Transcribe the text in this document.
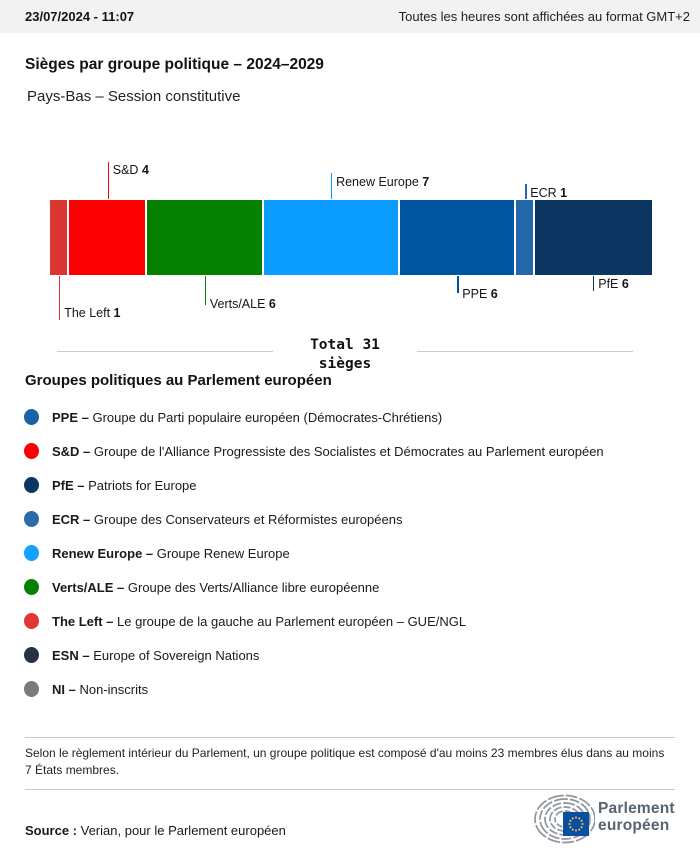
23/07/2024 - 11:07	Toutes les heures sont affichées au format GMT+2
Sièges par groupe politique – 2024–2029
Pays-Bas – Session constitutive
The Left 1
S&D 4
Verts/ALE 6
Renew Europe 7
PPE 6
ECR 1
PfE 6
Total 31
sièges
Groupes politiques au Parlement européen
PPE – Groupe du Parti populaire européen (Démocrates-Chrétiens)
S&D – Groupe de l'Alliance Progressiste des Socialistes et Démocrates au Parlement européen
PfE – Patriots for Europe
ECR – Groupe des Conservateurs et Réformistes européens
Renew Europe – Groupe Renew Europe
Verts/ALE – Groupe des Verts/Alliance libre européenne
The Left – Le groupe de la gauche au Parlement européen – GUE/NGL
ESN – Europe of Sovereign Nations
NI – Non-inscrits
Selon le règlement intérieur du Parlement, un groupe politique est composé d'au moins 23 membres élus dans au moins 7 États membres.
Source : Verian, pour le Parlement européen
Parlement
européen
